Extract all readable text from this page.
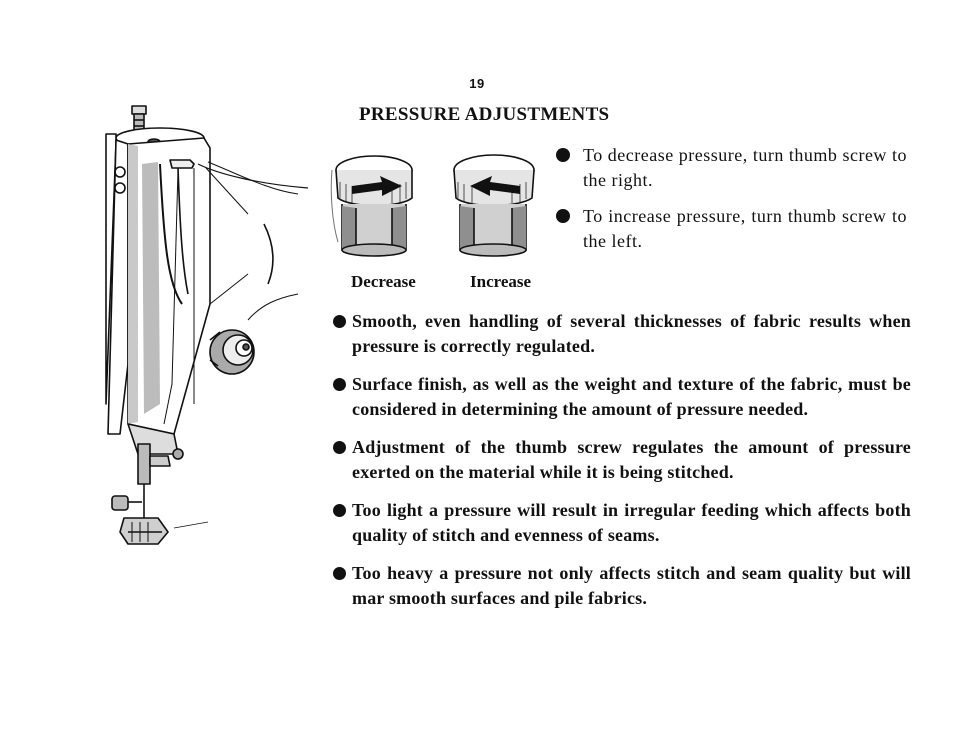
19
PRESSURE ADJUSTMENTS
Decrease	Increase
To decrease pressure, turn thumb screw to the right.
To increase pressure, turn thumb screw to the left.
Smooth, even handling of several thicknesses of fabric results when pressure is correctly regulated.
Surface finish, as well as the weight and texture of the fabric, must be considered in determining the amount of pressure needed.
Adjustment of the thumb screw regulates the amount of pressure exerted on the material while it is being stitched.
Too light a pressure will result in irregular feeding which affects both quality of stitch and evenness of seams.
Too heavy a pressure not only affects stitch and seam quality but will mar smooth surfaces and pile fabrics.
